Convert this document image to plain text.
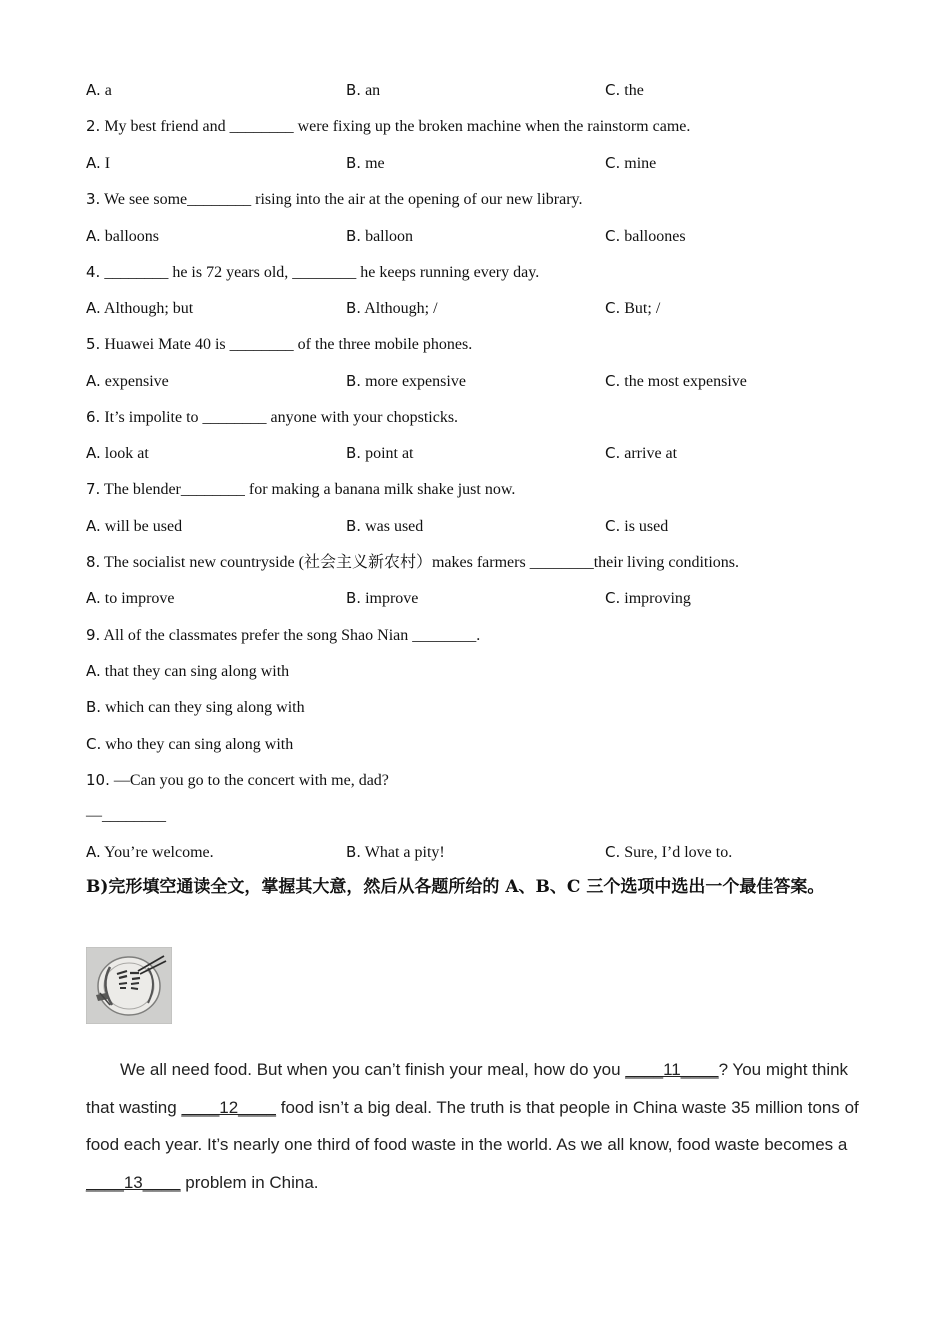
A. a	B. an	C. the
2. My best friend and ________ were fixing up the broken machine when the rainstorm came.
A. I	B. me	C. mine
3. We see some________ rising into the air at the opening of our new library.
A. balloons	B. balloon	C. balloones
4. ________ he is 72 years old, ________ he keeps running every day.
A. Although; but	B. Although; /	C. But; /
5. Huawei Mate 40 is ________ of the three mobile phones.
A. expensive	B. more expensive	C. the most expensive
6. It’s impolite to ________ anyone with your chopsticks.
A. look at	B. point at	C. arrive at
7. The blender________ for making a banana milk shake just now.
A. will be used	B. was used	C. is used
8. The socialist new countryside (社会主义新农村）makes farmers ________their living conditions.
A. to improve	B. improve	C. improving
9. All of the classmates prefer the song Shao Nian ________.
A. that they can sing along with
B. which can they sing along with
C. who they can sing along with
10. —Can you go to the concert with me, dad?
—________
A. You’re welcome.	B. What a pity!	C. Sure, I’d love to.
B)完形填空通读全文，掌握其大意，然后从各题所给的 A、B、C 三个选项中选出一个最佳答案。
We all need food. But when you can’t finish your meal, how do you ____11____? You might think that wasting ____12____ food isn’t a big deal. The truth is that people in China waste 35 million tons of food each year. It’s nearly one third of food waste in the world. As we all know, food waste becomes a ____13____ problem in China.
